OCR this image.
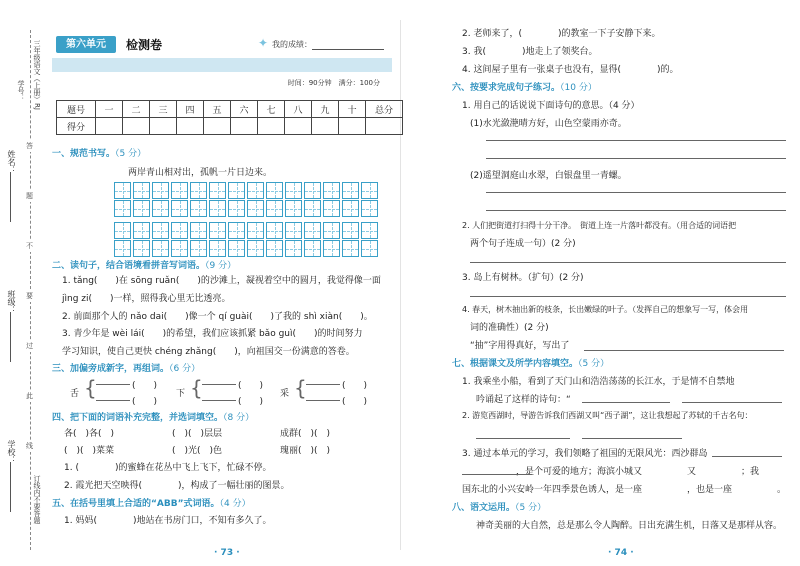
三年级语文（上册）RJ
姓名：
班级：
学校：
答
题
不
要
过
此
线
订线内不要答题
学号：
第六单元	检测卷	✦ 我的成绩：
时间：90分钟　满分：100分
题号	一	二	三	四	五	六	七	八	九	十	总分
得分											
一、规范书写。（5 分）
两岸青山相对出，孤帆一片日边来。
二、读句子，结合语境看拼音写词语。（9 分）
1. tǎng(　　)在 sōng ruǎn(　　)的沙滩上，凝视着空中的圆月，我觉得像一面
jìng zi(　　)一样，照得我心里无比透亮。
2. 前面那个人的 nǎo dai(　　)像一个 qí guài(　　)了我的 shì xiàn(　　)。
3. 青少年是 wèi lái(　　)的希望，我们应该抓紧 bǎo guì(　　)的时间努力
学习知识，使自己更快 chéng zhǎng(　　)，向祖国交一份满意的答卷。
三、加偏旁成新字，再组词。（6 分）
舌 {	(　　)
(　　)
下 {	(　　)
(　　)
采 {	(　　)
(　　)
四、把下面的词语补充完整，并选词填空。（8 分）
各(　)各(　)	(　)(　)层层	成群(　)(　)
(　)(　)菜菜	(　)光(　)色	瑰丽(　)(　)
1. (　　　　)的蜜蜂在花丛中飞上飞下，忙碌不停。
2. 霞光把天空映得(　　　　)，构成了一幅壮丽的图景。
五、在括号里填上合适的“ABB”式词语。（4 分）
1. 妈妈(　　　　)地站在书房门口，不知有多久了。
· 73 ·
2. 老师来了，(　　　　)的教室一下子安静下来。
3. 我(　　　　)地走上了领奖台。
4. 这间屋子里有一张桌子也没有，显得(　　　　)的。
六、按要求完成句子练习。（10 分）
1. 用自己的话说说下面诗句的意思。（4 分）
(1)水光潋滟晴方好，山色空蒙雨亦奇。
(2)遥望洞庭山水翠，白银盘里一青螺。
2. 人们把街道打扫得十分干净。　街道上连一片落叶都没有。（用合适的词语把
两个句子连成一句）(2 分)
3. 岛上有树林。（扩句）(2 分)
4. 春天，树木抽出新的枝条，长出嫩绿的叶子。（发挥自己的想象写一写，体会用
词的准确性）(2 分)
“抽”字用得真好，写出了
七、根据课文及所学内容填空。（5 分）
1. 我乘坐小船，看到了天门山和浩浩荡荡的长江水，于是情不自禁地
吟诵起了这样的诗句：“
2. 游览西湖时，导游告诉我们西湖又叫“西子湖”，这让我想起了苏轼的千古名句：
3. 通过本单元的学习，我们领略了祖国的无限风光：西沙群岛
　　　　　　，是个可爱的地方；海滨小城又　　　　　又　　　　　；我
国东北的小兴安岭一年四季景色诱人，是一座　　　　　，也是一座　　　　　。
八、语文运用。（5 分）
神奇美丽的大自然，总是那么令人陶醉。日出充满生机，日落又是那样从容。
· 74 ·
